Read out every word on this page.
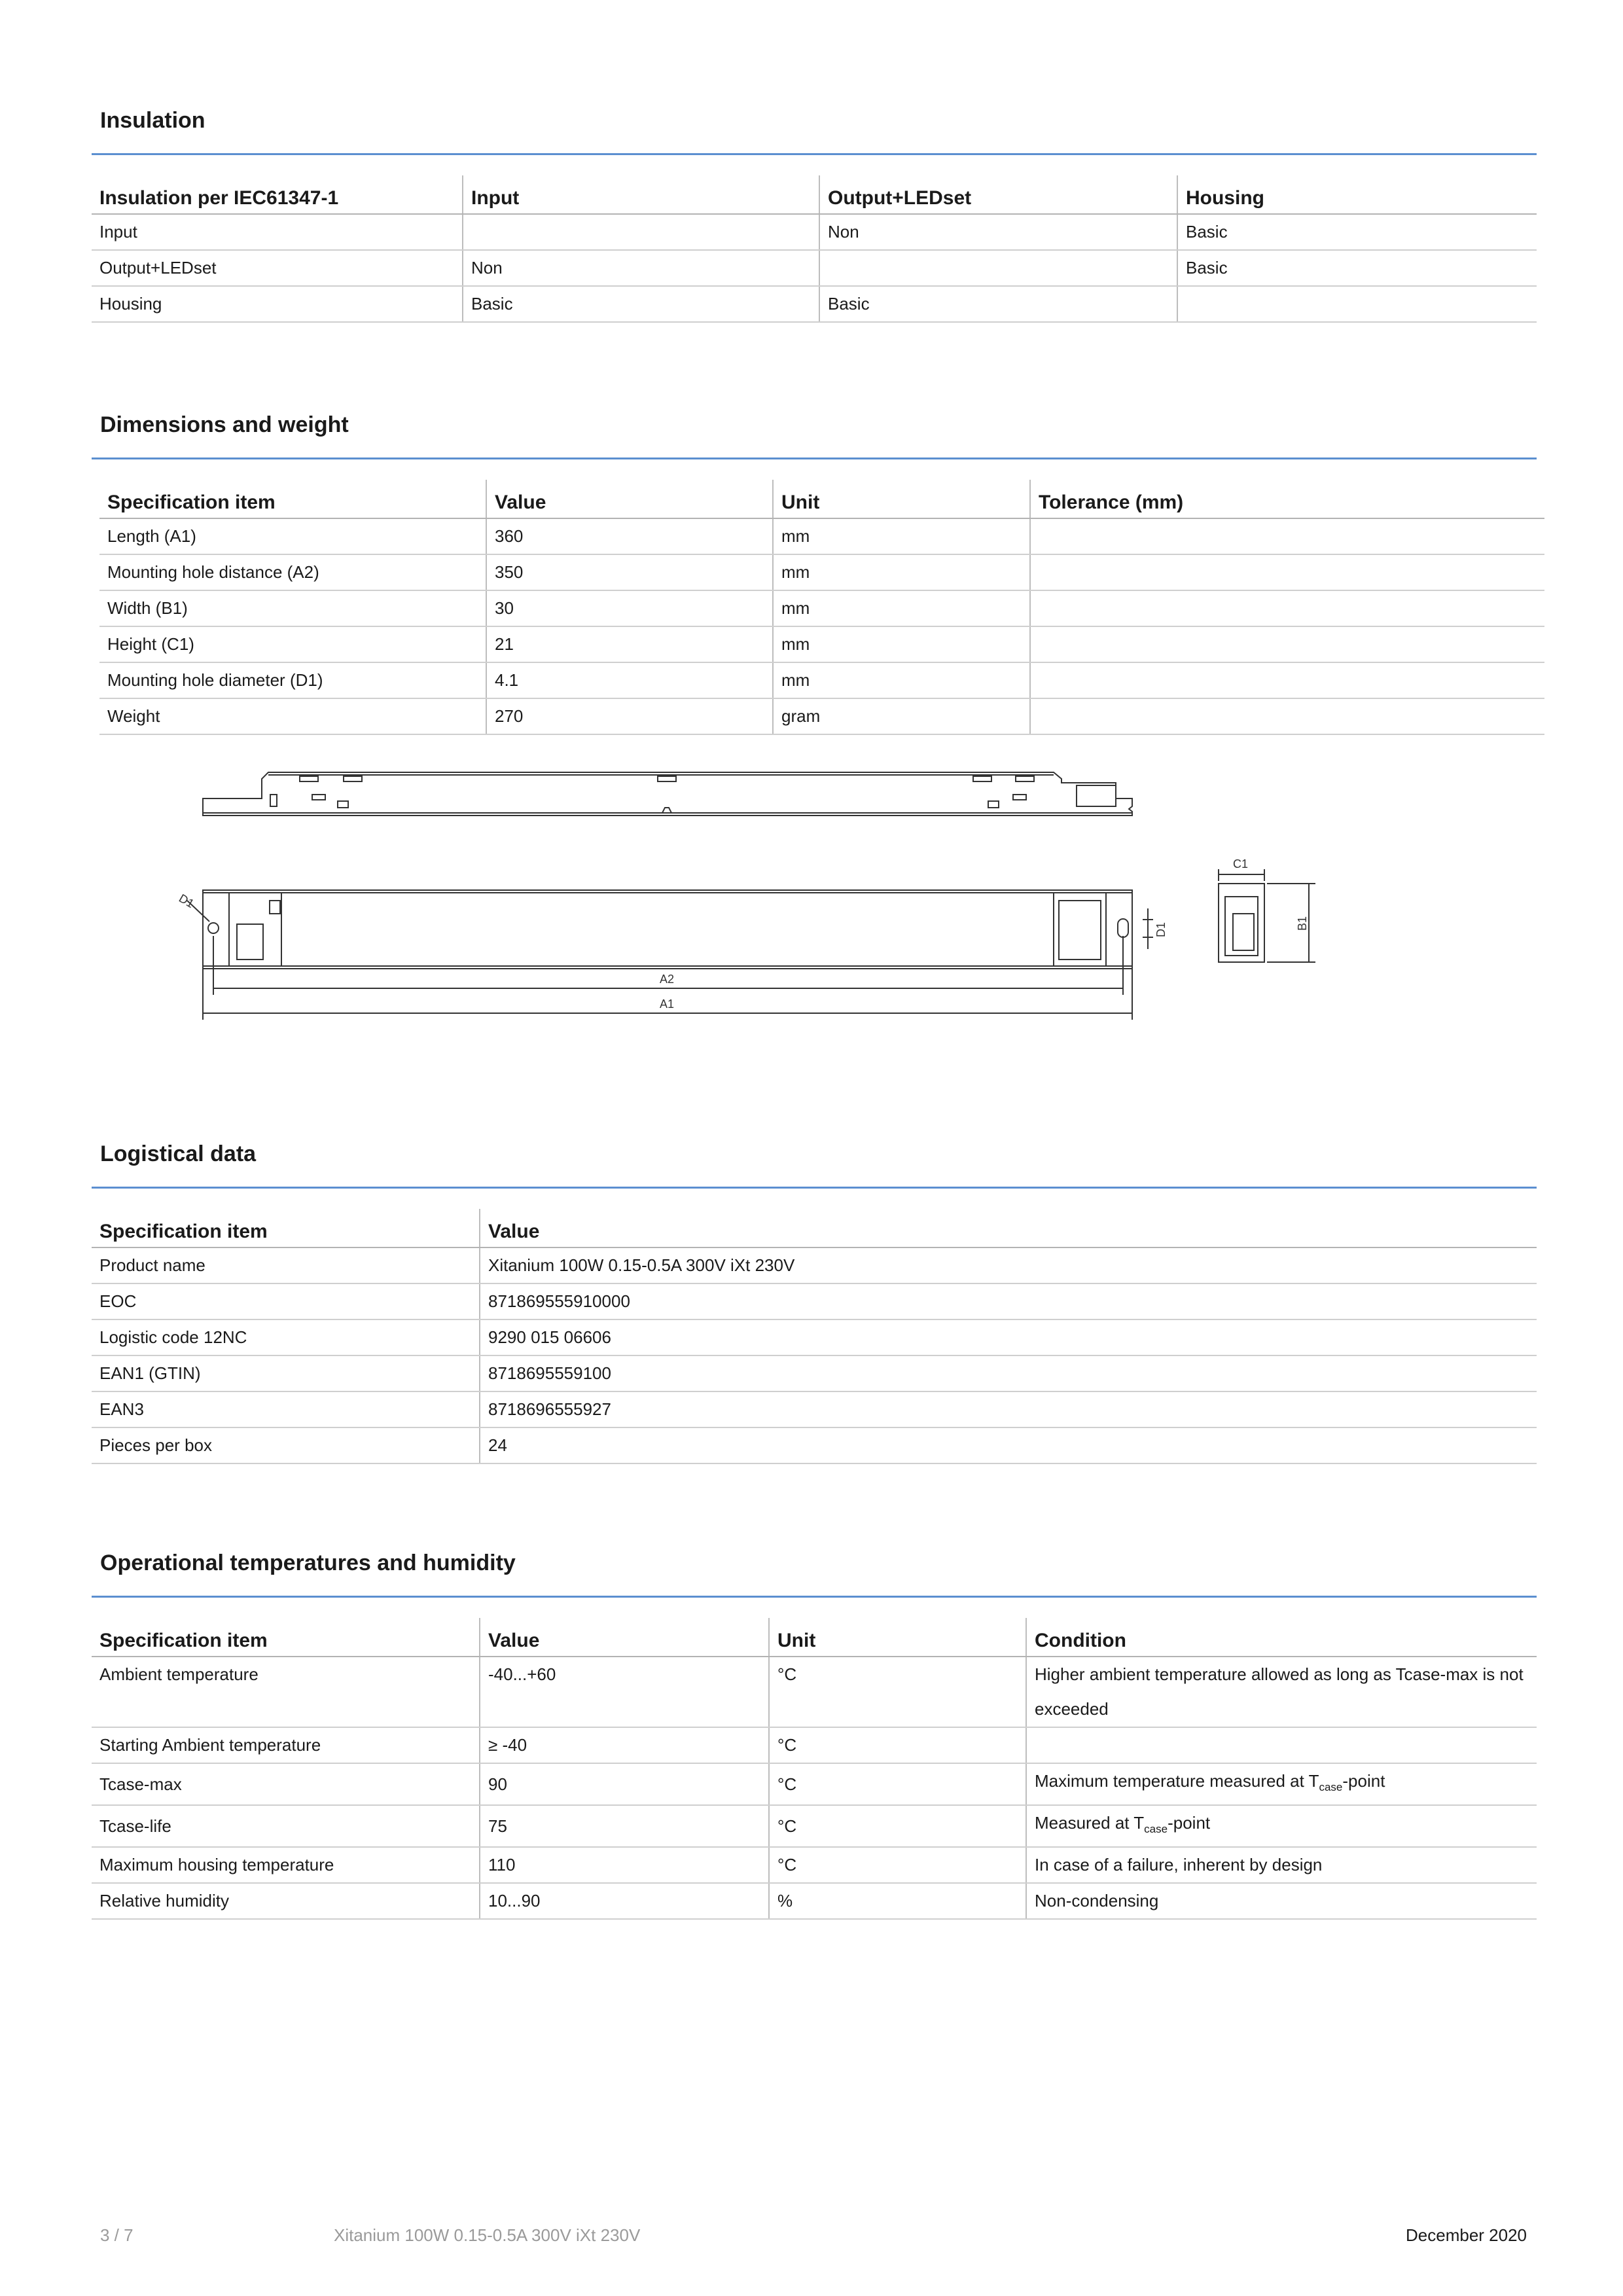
Insulation
Insulation per IEC61347-1	Input	Output+LEDset	Housing
Input		Non	Basic
Output+LEDset	Non		Basic
Housing	Basic	Basic	
Dimensions and weight
Specification item	Value	Unit	Tolerance (mm)
Length (A1)	360	mm	
Mounting hole distance (A2)	350	mm	
Width (B1)	30	mm	
Height (C1)	21	mm	
Mounting hole diameter (D1)	4.1	mm	
Weight	270	gram	
D1
D1
A2
A1
C1
B1
Logistical data
Specification item	Value
Product name	Xitanium 100W 0.15-0.5A 300V iXt 230V
EOC	871869555910000
Logistic code 12NC	9290 015 06606
EAN1 (GTIN)	8718695559100
EAN3	8718696555927
Pieces per box	24
Operational temperatures and humidity
Specification item	Value	Unit	Condition
Ambient temperature	-40...+60	°C	Higher ambient temperature allowed as long as Tcase-max is not
exceeded
Starting Ambient temperature	≥ -40	°C	
Tcase-max	90	°C	Maximum temperature measured at $T_{case}$-point
Tcase-life	75	°C	Measured at $T_{case}$-point
Maximum housing temperature	110	°C	In case of a failure, inherent by design
Relative humidity	10...90	%	Non-condensing
3 / 7	Xitanium 100W 0.15-0.5A 300V iXt 230V	December 2020
